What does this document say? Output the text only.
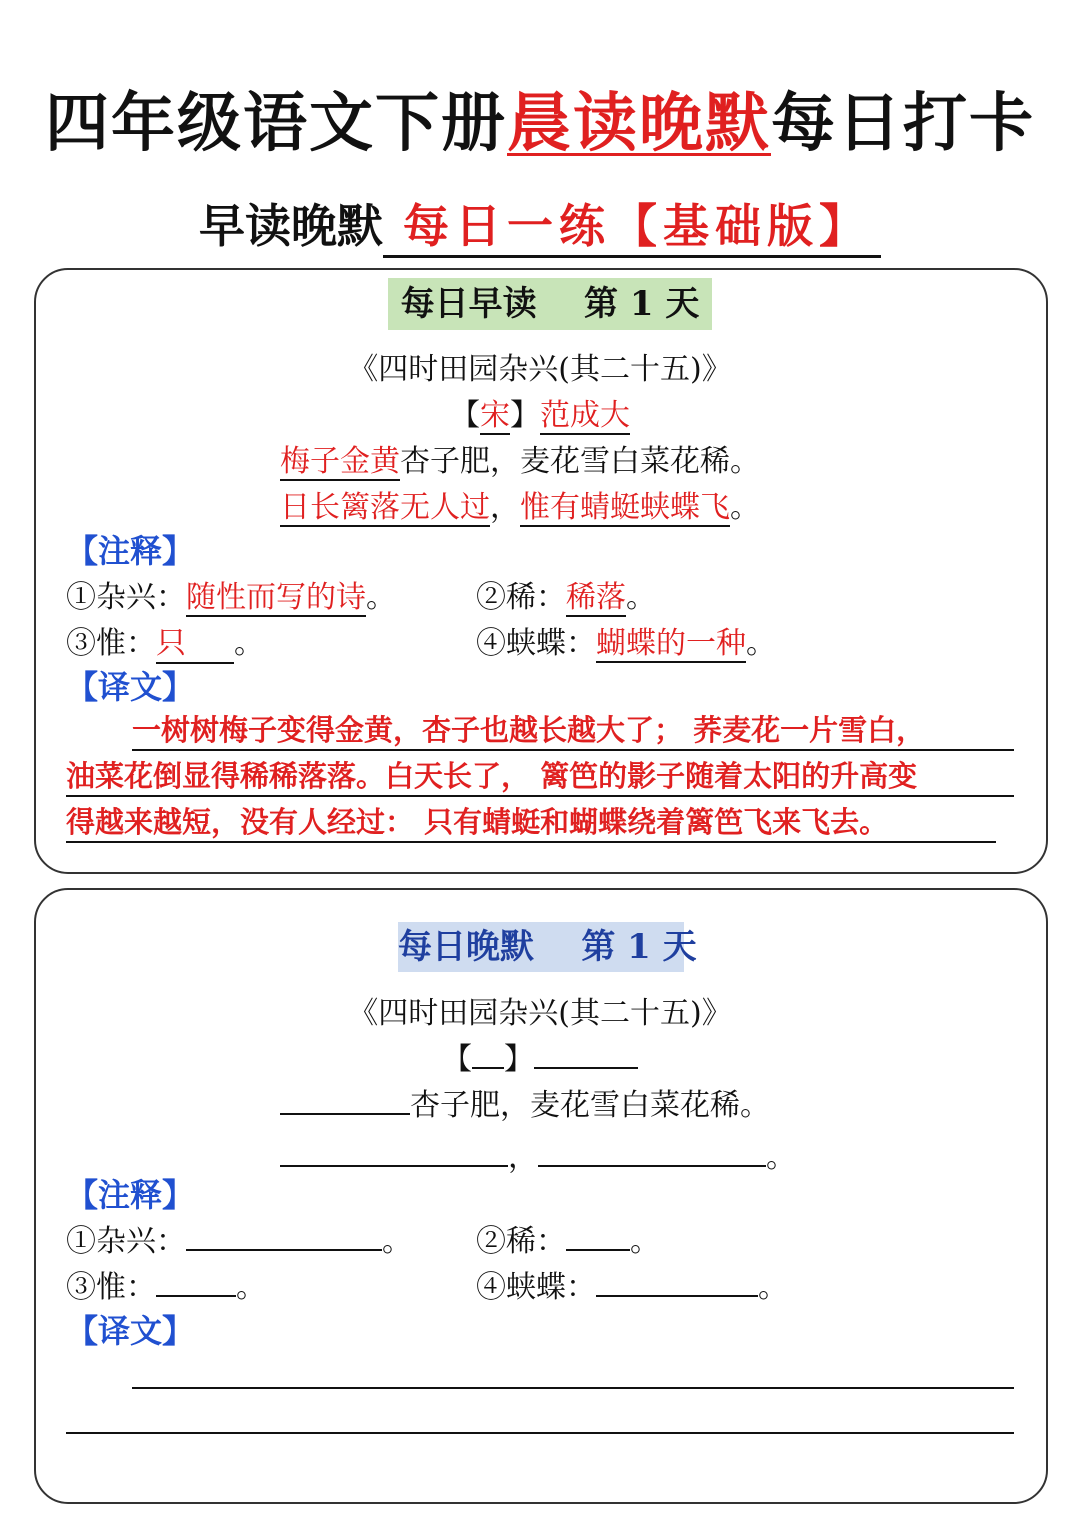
四年级语文下册晨读晚默每日打卡
早读晚默 每日一练【基础版】
每日早读    第 1 天
《四时田园杂兴(其二十五)》
【宋】范成大
梅子金黄杏子肥，麦花雪白菜花稀。
日长篱落无人过，惟有蜻蜓蛱蝶飞。
【注释】
①杂兴：随性而写的诗。	②稀：稀落。
③惟：只 。	④蛱蝶：蝴蝶的一种。
【译文】
一树树梅子变得金黄，杏子也越长越大了； 荞麦花一片雪白，
油菜花倒显得稀稀落落。白天长了， 篱笆的影子随着太阳的升高变
得越来越短，没有人经过： 只有蜻蜓和蝴蝶绕着篱笆飞来飞去。
每日晚默    第 1 天
《四时田园杂兴(其二十五)》
【 】
杏子肥，麦花雪白菜花稀。
，	。
【注释】
①杂兴：	。 ②稀： 。
③惟：	。	④蛱蝶：	。
【译文】
